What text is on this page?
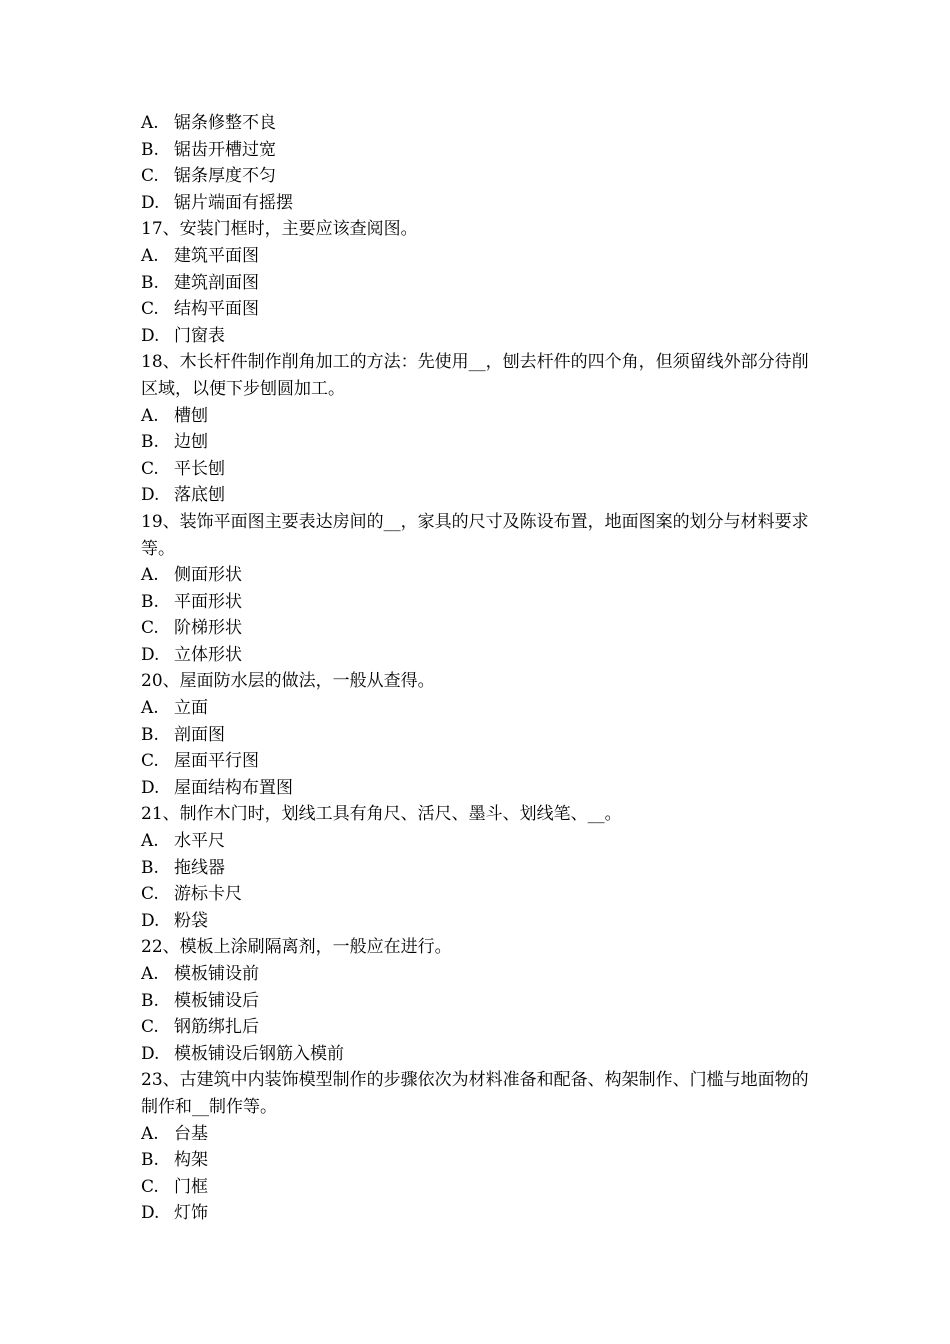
A. 锯条修整不良
B. 锯齿开槽过宽
C. 锯条厚度不匀
D. 锯片端面有摇摆
17、安装门框时，主要应该查阅图。
A. 建筑平面图
B. 建筑剖面图
C. 结构平面图
D. 门窗表
18、木长杆件制作削角加工的方法：先使用__，刨去杆件的四个角，但须留线外部分待削区域，以便下步刨圆加工。
A. 槽刨
B. 边刨
C. 平长刨
D. 落底刨
19、装饰平面图主要表达房间的__，家具的尺寸及陈设布置，地面图案的划分与材料要求等。
A. 侧面形状
B. 平面形状
C. 阶梯形状
D. 立体形状
20、屋面防水层的做法，一般从查得。
A. 立面
B. 剖面图
C. 屋面平行图
D. 屋面结构布置图
21、制作木门时，划线工具有角尺、活尺、墨斗、划线笔、__。
A. 水平尺
B. 拖线器
C. 游标卡尺
D. 粉袋
22、模板上涂刷隔离剂，一般应在进行。
A. 模板铺设前
B. 模板铺设后
C. 钢筋绑扎后
D. 模板铺设后钢筋入模前
23、古建筑中内装饰模型制作的步骤依次为材料准备和配备、构架制作、门槛与地面物的制作和__制作等。
A. 台基
B. 构架
C. 门框
D. 灯饰
